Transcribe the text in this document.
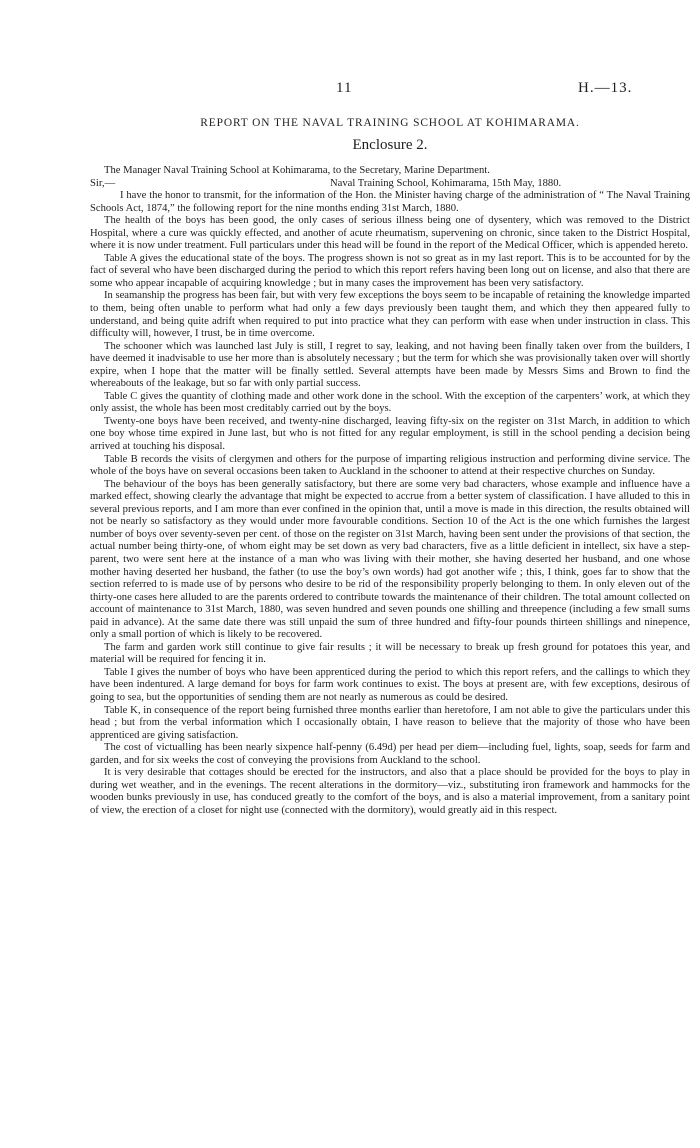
11	H.—13.
REPORT ON THE NAVAL TRAINING SCHOOL AT KOHIMARAMA.
Enclosure 2.
The Manager Naval Training School at Kohimarama, to the Secretary, Marine Department.
Sir,—	Naval Training School, Kohimarama, 15th May, 1880.
I have the honor to transmit, for the information of the Hon. the Minister having charge of the administration of “ The Naval Training Schools Act, 1874,” the following report for the nine months ending 31st March, 1880.
The health of the boys has been good, the only cases of serious illness being one of dysentery, which was removed to the District Hospital, where a cure was quickly effected, and another of acute rheumatism, supervening on chronic, since taken to the District Hospital, where it is now under treatment. Full particulars under this head will be found in the report of the Medical Officer, which is appended hereto.
Table A gives the educational state of the boys. The progress shown is not so great as in my last report. This is to be accounted for by the fact of several who have been discharged during the period to which this report refers having been long out on license, and also that there are some who appear incapable of acquiring knowledge ; but in many cases the improvement has been very satisfactory.
In seamanship the progress has been fair, but with very few exceptions the boys seem to be incapable of retaining the knowledge imparted to them, being often unable to perform what had only a few days previously been taught them, and which they then appeared fully to understand, and being quite adrift when required to put into practice what they can perform with ease when under instruction in class. This difficulty will, however, I trust, be in time overcome.
The schooner which was launched last July is still, I regret to say, leaking, and not having been finally taken over from the builders, I have deemed it inadvisable to use her more than is absolutely necessary ; but the term for which she was provisionally taken over will shortly expire, when I hope that the matter will be finally settled. Several attempts have been made by Messrs Sims and Brown to find the whereabouts of the leakage, but so far with only partial success.
Table C gives the quantity of clothing made and other work done in the school. With the exception of the carpenters’ work, at which they only assist, the whole has been most creditably carried out by the boys.
Twenty-one boys have been received, and twenty-nine discharged, leaving fifty-six on the register on 31st March, in addition to which one boy whose time expired in June last, but who is not fitted for any regular employment, is still in the school pending a decision being arrived at touching his disposal.
Table B records the visits of clergymen and others for the purpose of imparting religious instruction and performing divine service. The whole of the boys have on several occasions been taken to Auckland in the schooner to attend at their respective churches on Sunday.
The behaviour of the boys has been generally satisfactory, but there are some very bad characters, whose example and influence have a marked effect, showing clearly the advantage that might be expected to accrue from a better system of classification. I have alluded to this in several previous reports, and I am more than ever confined in the opinion that, until a move is made in this direction, the results obtained will not be nearly so satisfactory as they would under more favourable conditions. Section 10 of the Act is the one which furnishes the largest number of boys over seventy-seven per cent. of those on the register on 31st March, having been sent under the provisions of that section, the actual number being thirty-one, of whom eight may be set down as very bad characters, five as a little deficient in intellect, six have a step-parent, two were sent here at the instance of a man who was living with their mother, she having deserted her husband, and one whose mother having deserted her husband, the father (to use the boy’s own words) had got another wife ; this, I think, goes far to show that the section referred to is made use of by persons who desire to be rid of the responsibility properly belonging to them. In only eleven out of the thirty-one cases here alluded to are the parents ordered to contribute towards the maintenance of their children. The total amount collected on account of maintenance to 31st March, 1880, was seven hundred and seven pounds one shilling and threepence (including a few small sums paid in advance). At the same date there was still unpaid the sum of three hundred and fifty-four pounds thirteen shillings and ninepence, only a small portion of which is likely to be recovered.
The farm and garden work still continue to give fair results ; it will be necessary to break up fresh ground for potatoes this year, and material will be required for fencing it in.
Table I gives the number of boys who have been apprenticed during the period to which this report refers, and the callings to which they have been indentured. A large demand for boys for farm work continues to exist. The boys at present are, with few exceptions, desirous of going to sea, but the opportunities of sending them are not nearly as numerous as could be desired.
Table K, in consequence of the report being furnished three months earlier than heretofore, I am not able to give the particulars under this head ; but from the verbal information which I occasionally obtain, I have reason to believe that the majority of those who have been apprenticed are giving satisfaction.
The cost of victualling has been nearly sixpence half-penny (6.49d) per head per diem—including fuel, lights, soap, seeds for farm and garden, and for six weeks the cost of conveying the provisions from Auckland to the school.
It is very desirable that cottages should be erected for the instructors, and also that a place should be provided for the boys to play in during wet weather, and in the evenings. The recent alterations in the dormitory—viz., substituting iron framework and hammocks for the wooden bunks previously in use, has conduced greatly to the comfort of the boys, and is also a material improvement, from a sanitary point of view, the erection of a closet for night use (connected with the dormitory), would greatly aid in this respect.
